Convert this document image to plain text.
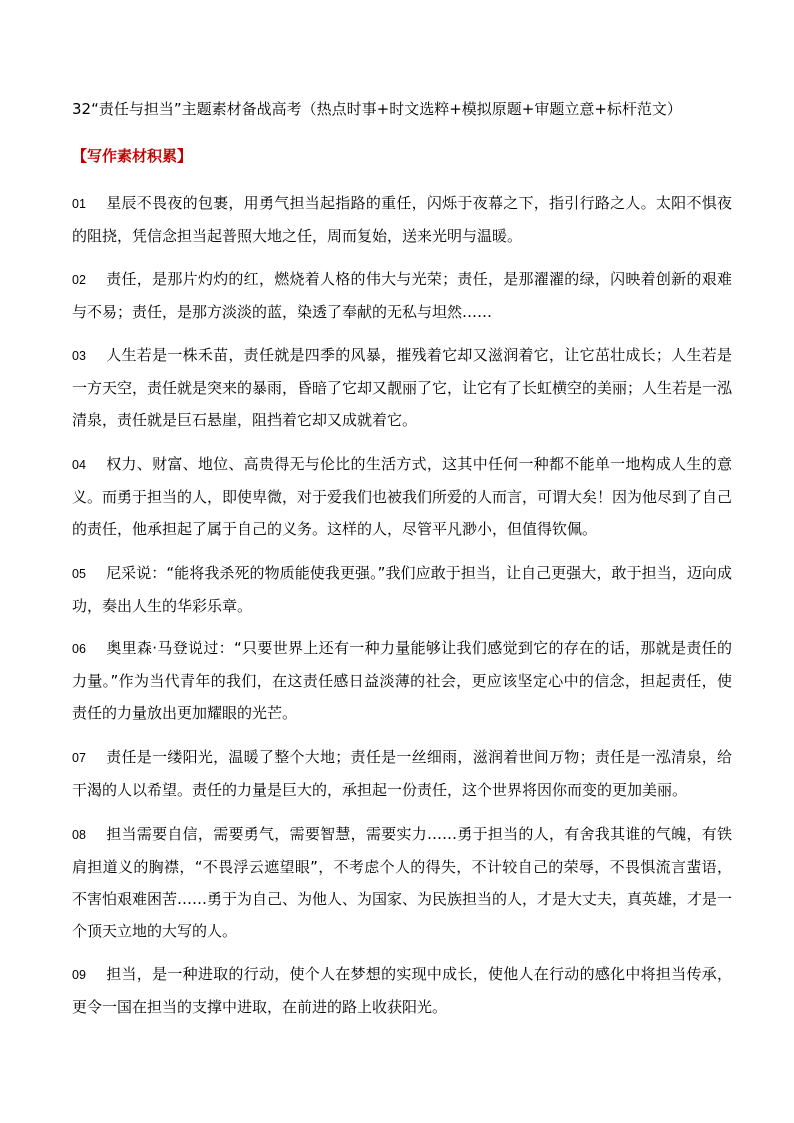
32“责任与担当”主题素材备战高考（热点时事+时文选粹+模拟原题+审题立意+标杆范文）
【写作素材积累】
01 星辰不畏夜的包裹，用勇气担当起指路的重任，闪烁于夜幕之下，指引行路之人。太阳不惧夜的阻挠，凭信念担当起普照大地之任，周而复始，送来光明与温暖。
02 责任，是那片灼灼的红，燃烧着人格的伟大与光荣；责任，是那濯濯的绿，闪映着创新的艰难与不易；责任，是那方淡淡的蓝，染透了奉献的无私与坦然……
03 人生若是一株禾苗，责任就是四季的风暴，摧残着它却又滋润着它，让它茁壮成长；人生若是一方天空，责任就是突来的暴雨，昏暗了它却又靓丽了它，让它有了长虹横空的美丽；人生若是一泓清泉，责任就是巨石悬崖，阻挡着它却又成就着它。
04 权力、财富、地位、高贵得无与伦比的生活方式，这其中任何一种都不能单一地构成人生的意义。而勇于担当的人，即使卑微，对于爱我们也被我们所爱的人而言，可谓大矣！因为他尽到了自己的责任，他承担起了属于自己的义务。这样的人，尽管平凡渺小，但值得钦佩。
05 尼采说：“能将我杀死的物质能使我更强。”我们应敢于担当，让自己更强大，敢于担当，迈向成功，奏出人生的华彩乐章。
06 奥里森·马登说过：“只要世界上还有一种力量能够让我们感觉到它的存在的话，那就是责任的力量。”作为当代青年的我们，在这责任感日益淡薄的社会，更应该坚定心中的信念，担起责任，使责任的力量放出更加耀眼的光芒。
07 责任是一缕阳光，温暖了整个大地；责任是一丝细雨，滋润着世间万物；责任是一泓清泉，给干渴的人以希望。责任的力量是巨大的，承担起一份责任，这个世界将因你而变的更加美丽。
08 担当需要自信，需要勇气，需要智慧，需要实力……勇于担当的人，有舍我其谁的气魄，有铁肩担道义的胸襟，“不畏浮云遮望眼”，不考虑个人的得失，不计较自己的荣辱，不畏惧流言蜚语，不害怕艰难困苦……勇于为自己、为他人、为国家、为民族担当的人，才是大丈夫，真英雄，才是一个顶天立地的大写的人。
09 担当，是一种进取的行动，使个人在梦想的实现中成长，使他人在行动的感化中将担当传承，更令一国在担当的支撑中进取，在前进的路上收获阳光。
